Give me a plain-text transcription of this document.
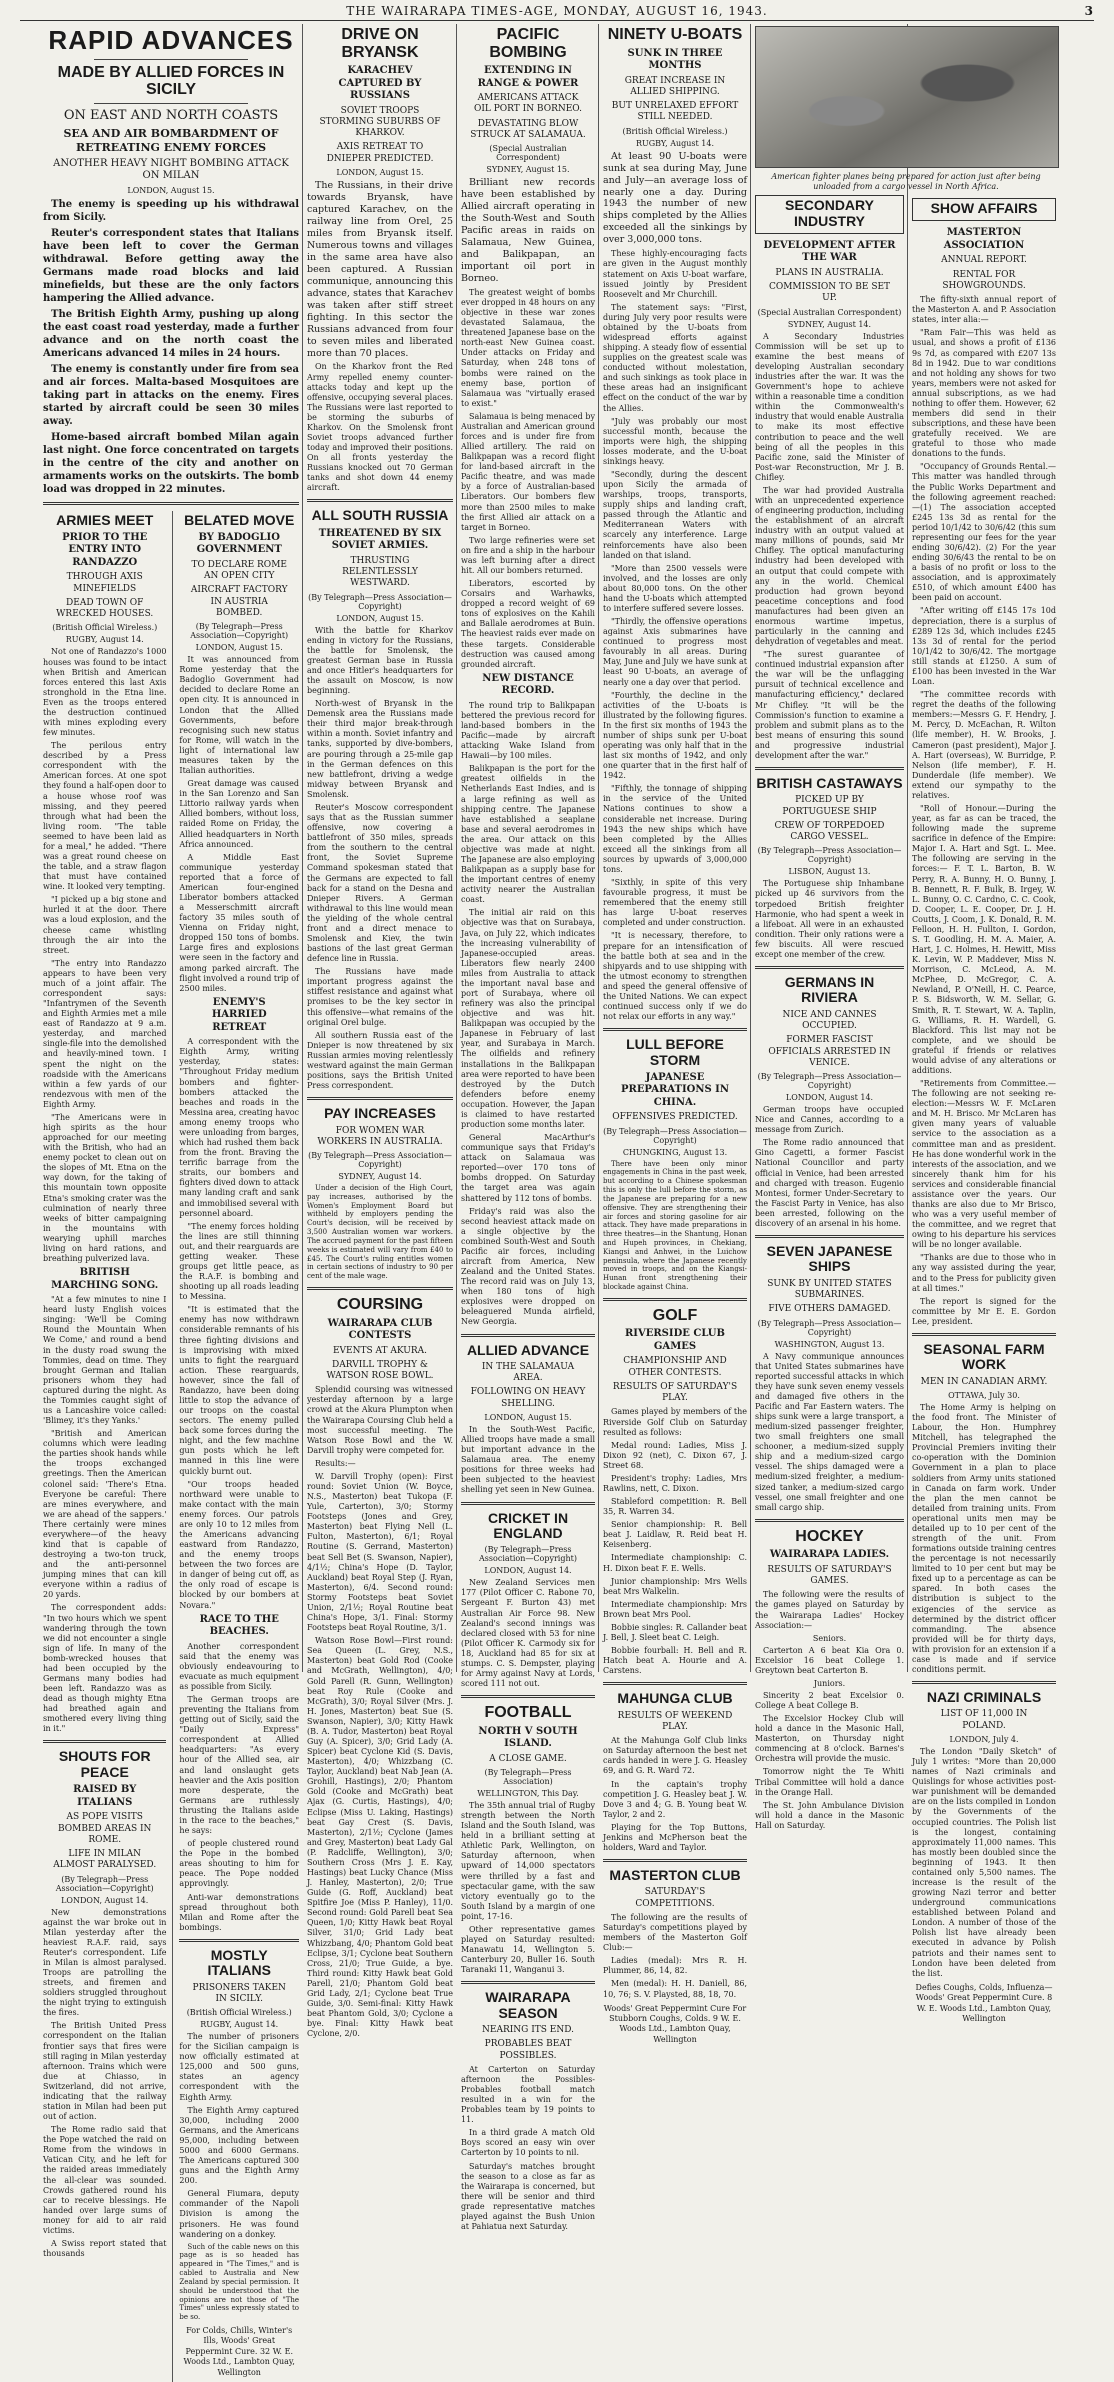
THE WAIRARAPA TIMES-AGE, MONDAY, AUGUST 16, 1943.	3
RAPID ADVANCES
MADE BY ALLIED FORCES IN SICILY
ON EAST AND NORTH COASTS
SEA AND AIR BOMBARDMENT OF RETREATING ENEMY FORCES
ANOTHER HEAVY NIGHT BOMBING ATTACK ON MILAN
LONDON, August 15.

The enemy is speeding up his withdrawal from Sicily.

Reuter's correspondent states that Italians have been left to cover the German withdrawal. Before getting away the Germans made road blocks and laid minefields, but these are the only factors hampering the Allied advance.

The British Eighth Army, pushing up along the east coast road yesterday, made a further advance and on the north coast the Americans advanced 14 miles in 24 hours.

The enemy is constantly under fire from sea and air forces. Malta-based Mosquitoes are taking part in attacks on the enemy. Fires started by aircraft could be seen 30 miles away.

Home-based aircraft bombed Milan again last night. One force concentrated on targets in the centre of the city and another on armaments works on the outskirts. The bomb load was dropped in 22 minutes.

ARMIES MEET
PRIOR TO THE ENTRY INTO RANDAZZO
THROUGH AXIS MINEFIELDS
DEAD TOWN OF WRECKED HOUSES.
(British Official Wireless.)
RUGBY, August 14.

Not one of Randazzo's 1000 houses was found to be intact when British and American forces entered this last Axis stronghold in the Etna line. Even as the troops entered the destruction continued with mines exploding every few minutes.

The perilous entry described by a Press correspondent with the American forces. At one spot they found a half-open door to a house whose roof was missing, and they peered through what had been the living room. "The table seemed to have been laid as for a meal," he added. "There was a great round cheese on the table, and a straw flagon that must have contained wine. It looked very tempting.

"I picked up a big stone and hurled it at the door. There was a loud explosion, and the cheese came whistling through the air into the street.

"The entry into Randazzo appears to have been very much of a joint affair. The correspondent says: "Infantrymen of the Seventh and Eighth Armies met a mile east of Randazzo at 9 a.m. yesterday, and marched single-file into the demolished and heavily-mined town. I spent the night on the roadside with the Americans within a few yards of our rendezvous with men of the Eighth Army.

"The Americans were in high spirits as the hour approached for our meeting with the British, who had an enemy pocket to clean out on the slopes of Mt. Etna on the way down, for the taking of this mountain town opposite Etna's smoking crater was the culmination of nearly three weeks of bitter campaigning in the mountains with wearying uphill marches living on hard rations, and breathing pulverized lava.

BRITISH MARCHING SONG.

"At a few minutes to nine I heard lusty English voices singing: 'We'll be Coming Round the Mountain When We Come,' and round a bend in the dusty road swung the Tommies, dead on time. They brought German and Italian prisoners whom they had captured during the night. As the Tommies caught sight of us a Lancashire voice called: 'Blimey, it's they Yanks.'

"British and American columns which were leading the parties shook hands while the troops exchanged greetings. Then the American colonel said: 'There's Etna. Everyone be careful: There are mines everywhere, and we are ahead of the sappers.' There certainly were mines everywhere—of the heavy kind that is capable of destroying a two-ton truck, and the anti-personnel jumping mines that can kill everyone within a radius of 20 yards.

The correspondent adds: "In two hours which we spent wandering through the town we did not encounter a single sign of life. In many of the bomb-wrecked houses that had been occupied by the Germans many bodies had been left. Randazzo was as dead as though mighty Etna had breathed again and smothered every living thing in it."

SHOUTS FOR PEACE
RAISED BY ITALIANS
AS POPE VISITS BOMBED AREAS IN ROME.
LIFE IN MILAN ALMOST PARALYSED.
(By Telegraph—Press Association—Copyright)
LONDON, August 14.

New demonstrations against the war broke out in Milan yesterday after the heaviest R.A.F. raid, says Reuter's correspondent. Life in Milan is almost paralysed. Troops are patrolling the streets, and firemen and soldiers struggled throughout the night trying to extinguish the fires.

The British United Press correspondent on the Italian frontier says that fires were still raging in Milan yesterday afternoon. Trains which were due at Chiasso, in Switzerland, did not arrive, indicating that the railway station in Milan had been put out of action.

The Rome radio said that the Pope watched the raid on Rome from the windows in Vatican City, and he left for the raided areas immediately the all-clear was sounded. Crowds gathered round his car to receive blessings. He handed over large sums of money for aid to air raid victims.

A Swiss report stated that thousands

BELATED MOVE
BY BADOGLIO GOVERNMENT
TO DECLARE ROME AN OPEN CITY
AIRCRAFT FACTORY IN AUSTRIA BOMBED.
(By Telegraph—Press Association—Copyright)
LONDON, August 15.

It was announced from Rome yesterday that the Badoglio Government had decided to declare Rome an open city. It is announced in London that the Allied Governments, before recognising such new status for Rome, will watch in the light of international law measures taken by the Italian authorities.

Great damage was caused in the San Lorenzo and San Littorio railway yards when Allied bombers, without loss, raided Rome on Friday, the Allied headquarters in North Africa announced.

A Middle East communique yesterday reported that a force of American four-engined Liberator bombers attacked a Messerschmitt aircraft factory 35 miles south of Vienna on Friday night, dropped 150 tons of bombs. Large fires and explosions were seen in the factory and among parked aircraft. The flight involved a round trip of 2500 miles.

ENEMY'S HARRIED RETREAT

A correspondent with the Eighth Army, writing yesterday, states: "Throughout Friday medium bombers and fighter-bombers attacked the beaches and roads in the Messina area, creating havoc among enemy troops who were unloading from barges, which had rushed them back from the front. Braving the terrific barrage from the straits, our bombers and fighters dived down to attack many landing craft and sank and immobilised several with personnel aboard.

"The enemy forces holding the lines are still thinning out, and their rearguards are getting weaker. These groups get little peace, as the R.A.F. is bombing and shooting up all roads leading to Messina.

"It is estimated that the enemy has now withdrawn considerable remnants of his three fighting divisions and is improvising with mixed units to fight the rearguard action. These rearguards, however, since the fall of Randazzo, have been doing little to stop the advance of our troops on the coastal sectors. The enemy pulled back some forces during the night, and the few machine gun posts which he left manned in this line were quickly burnt out.

"Our troops headed northward were unable to make contact with the main enemy forces. Our patrols are only 10 to 12 miles from the Americans advancing eastward from Randazzo, and the enemy troops between the two forces are in danger of being cut off, as the only road of escape is blocked by our bombers at Novara."

RACE TO THE BEACHES.

Another correspondent said that the enemy was obviously endeavouring to evacuate as much equipment as possible from Sicily.

The German troops are preventing the Italians from getting out of Sicily, said the "Daily Express" correspondent at Allied headquarters: "As every hour of the Allied sea, air and land onslaught gets heavier and the Axis position more desperate, the Germans are ruthlessly thrusting the Italians aside in the race to the beaches," he says:

of people clustered round the Pope in the bombed areas shouting to him for peace. The Pope nodded approvingly.

Anti-war demonstrations spread throughout both Milan and Rome after the bombings.

MOSTLY ITALIANS
PRISONERS TAKEN IN SICILY.
(British Official Wireless.)
RUGBY, August 14.

The number of prisoners for the Sicilian campaign is now officially estimated at 125,000 and 500 guns, states an agency correspondent with the Eighth Army.

The Eighth Army captured 30,000, including 2000 Germans, and the Americans 95,000, including between 5000 and 6000 Germans. The Americans captured 300 guns and the Eighth Army 200.

General Fiumara, deputy commander of the Napoli Division is among the prisoners. He was found wandering on a donkey.

Such of the cable news on this page as is so headed has appeared in "The Times," and is cabled to Australia and New Zealand by special permission. It should be understood that the opinions are not those of "The Times" unless expressly stated to be so.

For Colds, Chills, Winter's Ills, Woods' Great Peppermint Cure. 32 W. E. Woods Ltd., Lambton Quay, Wellington
DRIVE ON BRYANSK
KARACHEV CAPTURED BY RUSSIANS
SOVIET TROOPS STORMING SUBURBS OF KHARKOV.
AXIS RETREAT TO DNIEPER PREDICTED.
LONDON, August 15.

The Russians, in their drive towards Bryansk, have captured Karachev, on the railway line from Orel, 25 miles from Bryansk itself. Numerous towns and villages in the same area have also been captured. A Russian communique, announcing this advance, states that Karachev was taken after stiff street fighting. In this sector the Russians advanced from four to seven miles and liberated more than 70 places.

On the Kharkov front the Red Army repelled enemy counter-attacks today and kept up the offensive, occupying several places. The Russians were last reported to be storming the suburbs of Kharkov. On the Smolensk front Soviet troops advanced further today and improved their positions. On all fronts yesterday the Russians knocked out 70 German tanks and shot down 44 enemy aircraft.

ALL SOUTH RUSSIA
THREATENED BY SIX SOVIET ARMIES.
THRUSTING RELENTLESSLY WESTWARD.
(By Telegraph—Press Association—Copyright)
LONDON, August 15.

With the battle for Kharkov ending in victory for the Russians, the battle for Smolensk, the greatest German base in Russia and once Hitler's headquarters for the assault on Moscow, is now beginning.

North-west of Bryansk in the Demensk area the Russians made their third major break-through within a month. Soviet infantry and tanks, supported by dive-bombers, are pouring through a 25-mile gap in the German defences on this new battlefront, driving a wedge midway between Bryansk and Smolensk.

Reuter's Moscow correspondent says that as the Russian summer offensive, now covering a battlefront of 350 miles, spreads from the southern to the central front, the Soviet Supreme Command spokesman stated that the Germans are expected to fall back for a stand on the Desna and Dnieper Rivers. A German withdrawal to this line would mean the yielding of the whole central front and a direct menace to Smolensk and Kiev, the twin bastions of the last great German defence line in Russia.

The Russians have made important progress against the stiffest resistance and against what promises to be the key sector in this offensive—what remains of the original Orel bulge.

All southern Russia east of the Dnieper is now threatened by six Russian armies moving relentlessly westward against the main German positions, says the British United Press correspondent.

PAY INCREASES
FOR WOMEN WAR WORKERS IN AUSTRALIA.
(By Telegraph—Press Association—Copyright)
SYDNEY, August 14.

Under a decision of the High Court, pay increases, authorised by the Women's Employment Board but withheld by employers pending the Court's decision, will be received by 3,500 Australian women war workers. The accrued payment for the past fifteen weeks is estimated will vary from £40 to £45. The Court's ruling entitles women in certain sections of industry to 90 per cent of the male wage.

COURSING
WAIRARAPA CLUB CONTESTS
EVENTS AT AKURA.
DARVILL TROPHY & WATSON ROSE BOWL.

Splendid coursing was witnessed yesterday afternoon by a large crowd at the Akura Plumpton when the Wairarapa Coursing Club held a most successful meeting. The Watson Rose Bowl and the W. Darvill trophy were competed for.

Results:—

W. Darvill Trophy (open): First round: Soviet Union (W. Boyce, N.S., Masterton) beat Tukopa (F. Yule, Carterton), 3/0; Stormy Footsteps (Jones and Grey, Masterton) beat Flying Nell (L. Fulton, Masterton), 6/1; Royal Routine (S. Gerrand, Masterton) beat Sell Bet (S. Swanson, Napier), 4/1½; China's Hope (D. Taylor, Auckland) beat Royal Step (J. Ryan, Masterton), 6/4. Second round: Stormy Footsteps beat Soviet Union, 2/1½; Royal Routine beat China's Hope, 3/1. Final: Stormy Footsteps beat Royal Routine, 3/1.

Watson Rose Bowl—First round: Sea Queen (L. Grey, N.S., Masterton) beat Gold Rod (Cooke and McGrath, Wellington), 4/0; Gold Parell (R. Gunn, Wellington) beat Roy Rule (Cooke and McGrath), 3/0; Royal Silver (Mrs. J. H. Jones, Masterton) beat Sue (S. Swanson, Napier), 3/0; Kitty Hawk (B. A. Tudor, Masterton) beat Royal Guy (A. Spicer), 3/0; Grid Lady (A. Spicer) beat Cyclone Kid (S. Davis, Masterton), 4/0; Whizzbang (C. Taylor, Auckland) beat Nab Jean (A. Grohill, Hastings), 2/0; Phantom Gold (Cooke and McGrath) beat Ajax (G. Curtis, Hastings), 4/0; Eclipse (Miss U. Laking, Hastings) beat Gay Crest (S. Davis, Masterton), 2/1½; Cyclone (James and Grey, Masterton) beat Lady Gal (P. Radcliffe, Wellington), 3/0; Southern Cross (Mrs J. E. Kay, Hastings) beat Lucky Chance (Miss J. Hanley, Masterton), 2/0; True Guide (G. Roff, Auckland) beat Spitfire Joe (Miss P. Hanley), 11/0. Second round: Gold Parell beat Sea Queen, 1/0; Kitty Hawk beat Royal Silver, 31/0; Grid Lady beat Whizzbang, 4/0; Phantom Gold beat Eclipse, 3/1; Cyclone beat Southern Cross, 21/0; True Guide, a bye. Third round: Kitty Hawk beat Gold Parell, 21/0; Phantom Gold beat Grid Lady, 2/1; Cyclone beat True Guide, 3/0. Semi-final: Kitty Hawk beat Phantom Gold, 3/0; Cyclone a bye. Final: Kitty Hawk beat Cyclone, 2/0.

PACIFIC BOMBING
EXTENDING IN RANGE & POWER
AMERICANS ATTACK OIL PORT IN BORNEO.
DEVASTATING BLOW STRUCK AT SALAMAUA.
(Special Australian Correspondent)
SYDNEY, August 15.

Brilliant new records have been established by Allied aircraft operating in the South-West and South Pacific areas in raids on Salamaua, New Guinea, and Balikpapan, an important oil port in Borneo.

The greatest weight of bombs ever dropped in 48 hours on any objective in these war zones devastated Salamaua, the threatened Japanese base on the north-east New Guinea coast. Under attacks on Friday and Saturday, when 248 tons of bombs were rained on the enemy base, portion of Salamaua was "virtually erased to exist."

Salamaua is being menaced by Australian and American ground forces and is under fire from Allied artillery. The raid on Balikpapan was a record flight for land-based aircraft in the Pacific theatre, and was made by a force of Australian-based Liberators. Our bombers flew more than 2500 miles to make the first Allied air attack on a target in Borneo.

Two large refineries were set on fire and a ship in the harbour was left burning after a direct hit. All our bombers returned.

Liberators, escorted by Corsairs and Warhawks, dropped a record weight of 69 tons of explosives on the Kahili and Ballale aerodromes at Buin. The heaviest raids ever made on these targets. Considerable destruction was caused among grounded aircraft.

NEW DISTANCE RECORD.

The round trip to Balikpapan bettered the previous record for land-based bombers in the Pacific—made by aircraft attacking Wake Island from Hawaii—by 100 miles.

Balikpapan is the port for the greatest oilfields in the Netherlands East Indies, and is a large refining as well as shipping centre. The Japanese have established a seaplane base and several aerodromes in the area. Our attack on this objective was made at night. The Japanese are also employing Balikpapan as a supply base for the important centres of enemy activity nearer the Australian coast.

The initial air raid on this objective was that on Surabaya, Java, on July 22, which indicates the increasing vulnerability of Japanese-occupied areas. Liberators flew nearly 2400 miles from Australia to attack the important naval base and port of Surabaya, where oil refinery was also the principal objective and was hit. Balikpapan was occupied by the Japanese in February of last year, and Surabaya in March. The oilfields and refinery installations in the Balikpapan area were reported to have been destroyed by the Dutch defenders before enemy occupation. However, the Japan is claimed to have restarted production some months later.

General MacArthur's communique says that Friday's attack on Salamaua was reported—over 170 tons of bombs dropped. On Saturday the target area was again shattered by 112 tons of bombs.

Friday's raid was also the second heaviest attack made on a single objective by the combined South-West and South Pacific air forces, including aircraft from America, New Zealand and the United States. The record raid was on July 13, when 180 tons of high explosives were dropped on beleaguered Munda airfield, New Georgia.

ALLIED ADVANCE
IN THE SALAMAUA AREA.
FOLLOWING ON HEAVY SHELLING.
LONDON, August 15.

In the South-West Pacific, Allied troops have made a small but important advance in the Salamaua area. The enemy positions for three weeks had been subjected to the heaviest shelling yet seen in New Guinea.

CRICKET IN ENGLAND
(By Telegraph—Press Association—Copyright)
LONDON, August 14.

New Zealand Services men 177 (Pilot Officer C. Rabone 70, Sergeant F. Burton 43) met Australian Air Force 98. New Zealand's second innings was declared closed with 53 for nine (Pilot Officer K. Carmody six for 18, Auckland had 85 for six at stumps. C. S. Dempster, playing for Army against Navy at Lords, scored 111 not out.

FOOTBALL
NORTH V SOUTH ISLAND.
A CLOSE GAME.
(By Telegraph—Press Association)
WELLINGTON, This Day.

The 35th annual trial of Rugby strength between the North Island and the South Island, was held in a brilliant setting at Athletic Park, Wellington, on Saturday afternoon, when upward of 14,000 spectators were thrilled by a fast and spectacular game, with the saw victory eventually go to the South Island by a margin of one point, 17-16.

Other representative games played on Saturday resulted: Manawatu 14, Wellington 5. Canterbury 20, Buller 16. South Taranaki 11, Wanganui 3.

WAIRARAPA SEASON
NEARING ITS END.
PROBABLES BEAT POSSIBLES.

At Carterton on Saturday afternoon the Possibles-Probables football match resulted in a win for the Probables team by 19 points to 11.

In a third grade A match Old Boys scored an easy win over Carterton by 10 points to nil.

Saturday's matches brought the season to a close as far as the Wairarapa is concerned, but there will be senior and third grade representative matches played against the Bush Union at Pahiatua next Saturday.

NINETY U-BOATS
SUNK IN THREE MONTHS
GREAT INCREASE IN ALLIED SHIPPING.
BUT UNRELAXED EFFORT STILL NEEDED.
(British Official Wireless.)
RUGBY, August 14.

At least 90 U-boats were sunk at sea during May, June and July—an average loss of nearly one a day. During 1943 the number of new ships completed by the Allies exceeded all the sinkings by over 3,000,000 tons.

These highly-encouraging facts are given in the August monthly statement on Axis U-boat warfare, issued jointly by President Roosevelt and Mr Churchill.

The statement says: "First, during July very poor results were obtained by the U-boats from widespread efforts against shipping. A steady flow of essential supplies on the greatest scale was conducted without molestation, and such sinkings as took place in these areas had an insignificant effect on the conduct of the war by the Allies.

"July was probably our most successful month, because the imports were high, the shipping losses moderate, and the U-boat sinkings heavy.

"Secondly, during the descent upon Sicily the armada of warships, troops, transports, supply ships and landing craft, passed through the Atlantic and Mediterranean Waters with scarcely any interference. Large reinforcements have also been landed on that island.

"More than 2500 vessels were involved, and the losses are only about 80,000 tons. On the other hand the U-boats which attempted to interfere suffered severe losses.

"Thirdly, the offensive operations against Axis submarines have continued to progress most favourably in all areas. During May, June and July we have sunk at least 90 U-boats, an average of nearly one a day over that period.

"Fourthly, the decline in the activities of the U-boats is illustrated by the following figures. In the first six months of 1943 the number of ships sunk per U-boat operating was only half that in the last six months of 1942, and only one quarter that in the first half of 1942.

"Fifthly, the tonnage of shipping in the service of the United Nations continues to show a considerable net increase. During 1943 the new ships which have been completed by the Allies exceed all the sinkings from all sources by upwards of 3,000,000 tons.

"Sixthly, in spite of this very favourable progress, it must be remembered that the enemy still has large U-boat reserves completed and under construction.

"It is necessary, therefore, to prepare for an intensification of the battle both at sea and in the shipyards and to use shipping with the utmost economy to strengthen and speed the general offensive of the United Nations. We can expect continued success only if we do not relax our efforts in any way."

LULL BEFORE STORM
JAPANESE PREPARATIONS IN CHINA.
OFFENSIVES PREDICTED.
(By Telegraph—Press Association—Copyright)
CHUNGKING, August 13.

There have been only minor engagements in China in the past week, but according to a Chinese spokesman this is only the lull before the storm, as the Japanese are preparing for a new offensive. They are strengthening their air forces and storing gasoline for air attack. They have made preparations in three theatres—in the Shantung, Honan and Hupeh provinces, in Chekiang, Kiangsi and Anhwei, in the Luichow peninsula, where the Japanese recently moved in troops, and on the Kiangsi-Hunan front strengthening their blockade against China.

GOLF
RIVERSIDE CLUB GAMES
CHAMPIONSHIP AND OTHER CONTESTS.
RESULTS OF SATURDAY'S PLAY.

Games played by members of the Riverside Golf Club on Saturday resulted as follows:

Medal round: Ladies, Miss J. Dixon 92 (net), C. Dixon 67, J. Street 68.

President's trophy: Ladies, Mrs Rawlins, nett, C. Dixon.

Stableford competition: R. Bell 35, R. Warren 34.

Senior championship: R. Bell beat J. Laidlaw, R. Reid beat H. Keisenberg.

Intermediate championship: C. H. Dixon beat F. E. Wells.

Junior championship: Mrs Wells beat Mrs Walkelin.

Intermediate championship: Mrs Brown beat Mrs Pool.

Bobbie singles: R. Callander beat J. Bell, J. Sleet beat C. Leigh.

Bobbie fourball: H. Bell and R. Hatch beat A. Hourie and A. Carstens.

MAHUNGA CLUB
RESULTS OF WEEKEND PLAY.

At the Mahunga Golf Club links on Saturday afternoon the best net cards handed in were J. G. Heasley 69, and G. R. Ward 72.

In the captain's trophy competition J. G. Heasley beat J. W. Dove 3 and 4; G. B. Young beat W. Taylor, 2 and 2.

Playing for the Top Buttons, Jenkins and McPherson beat the holders, Ward and Taylor.

MASTERTON CLUB
SATURDAY'S COMPETITIONS.

The following are the results of Saturday's competitions played by members of the Masterton Golf Club:—

Ladies (medal): Mrs R. H. Plummer, 86, 14, 82.

Men (medal): H. H. Daniell, 86, 10, 76; S. V. Playsted, 88, 18, 70.

Woods' Great Peppermint Cure For Stubborn Coughs, Colds. 9 W. E. Woods Ltd., Lambton Quay, Wellington
American fighter planes being prepared for action just after being unloaded from a cargo vessel in North Africa.
SECONDARY INDUSTRY
DEVELOPMENT AFTER THE WAR
PLANS IN AUSTRALIA.
COMMISSION TO BE SET UP.
(Special Australian Correspondent)
SYDNEY, August 14.

A Secondary Industries Commission will be set up to examine the best means of developing Australian secondary industries after the war. It was the Government's hope to achieve within a reasonable time a condition within the Commonwealth's industry that would enable Australia to make its most effective contribution to peace and the well being of all the peoples in this Pacific zone, said the Minister of Post-war Reconstruction, Mr J. B. Chifley.

The war had provided Australia with an unprecedented experience of engineering production, including the establishment of an aircraft industry with an output valued at many millions of pounds, said Mr Chifley. The optical manufacturing industry had been developed with an output that could compete with any in the world. Chemical production had grown beyond peacetime conceptions and food manufactures had been given an enormous wartime impetus, particularly in the canning and dehydration of vegetables and meat.

"The surest guarantee of continued industrial expansion after the war will be the unflagging pursuit of technical excellence and manufacturing efficiency," declared Mr Chifley. "It will be the Commission's function to examine a problem and submit plans as to the best means of ensuring this sound and progressive industrial development after the war."

BRITISH CASTAWAYS
PICKED UP BY PORTUGUESE SHIP
CREW OF TORPEDOED CARGO VESSEL.
(By Telegraph—Press Association—Copyright)
LISBON, August 13.

The Portuguese ship Inhambane picked up 46 survivors from the torpedoed British freighter Harmonie, who had spent a week in a lifeboat. All were in an exhausted condition. Their only rations were a few biscuits. All were rescued except one member of the crew.

GERMANS IN RIVIERA
NICE AND CANNES OCCUPIED.
FORMER FASCIST OFFICIALS ARRESTED IN VENICE.
(By Telegraph—Press Association—Copyright)
LONDON, August 14.

German troops have occupied Nice and Cannes, according to a message from Zurich.

The Rome radio announced that Gino Cagetti, a former Fascist National Councillor and party official in Venice, had been arrested and charged with treason. Eugenio Montesi, former Under-Secretary to the Fascist Party in Venice, has also been arrested, following on the discovery of an arsenal in his home.

SEVEN JAPANESE SHIPS
SUNK BY UNITED STATES SUBMARINES.
FIVE OTHERS DAMAGED.
(By Telegraph—Press Association—Copyright)
WASHINGTON, August 13.

A Navy communique announces that United States submarines have reported successful attacks in which they have sunk seven enemy vessels and damaged five others in the Pacific and Far Eastern waters. The ships sunk were a large transport, a medium-sized passenger freighter, two small freighters one small schooner, a medium-sized supply ship and a medium-sized cargo vessel. The ships damaged were a medium-sized freighter, a medium-sized tanker, a medium-sized cargo vessel, one small freighter and one small cargo ship.

HOCKEY
WAIRARAPA LADIES.
RESULTS OF SATURDAY'S GAMES.

The following were the results of the games played on Saturday by the Wairarapa Ladies' Hockey Association:—

Seniors.

Carterton A 6 beat Kia Ora 0. Excelsior 16 beat College 1. Greytown beat Carterton B.

Juniors.

Sincerity 2 beat Excelsior 0. College A beat College B.

The Excelsior Hockey Club will hold a dance in the Masonic Hall, Masterton, on Thursday night commencing at 8 o'clock. Barnes's Orchestra will provide the music.

Tomorrow night the Te Whiti Tribal Committee will hold a dance in the Orange Hall.

The St. John Ambulance Division will hold a dance in the Masonic Hall on Saturday.

SHOW AFFAIRS
MASTERTON ASSOCIATION
ANNUAL REPORT.
RENTAL FOR SHOWGROUNDS.

The fifty-sixth annual report of the Masterton A. and P. Association states, inter alia:—

"Ram Fair—This was held as usual, and shows a profit of £136 9s 7d, as compared with £207 13s 8d in 1942. Due to war conditions and not holding any shows for two years, members were not asked for annual subscriptions, as we had nothing to offer them. However, 62 members did send in their subscriptions, and these have been gratefully received. We are grateful to those who made donations to the funds.

"Occupancy of Grounds Rental.—This matter was handled through the Public Works Department and the following agreement reached:—(1) The association accepted £245 13s 3d as rental for the period 10/1/42 to 30/6/42 (this sum representing our fees for the year ending 30/6/42). (2) For the year ending 30/6/43 the rental to be on a basis of no profit or loss to the association, and is approximately £510, of which amount £400 has been paid on account.

"After writing off £145 17s 10d depreciation, there is a surplus of £289 12s 3d, which includes £245 13s 3d of rental for the period 10/1/42 to 30/6/42. The mortgage still stands at £1250. A sum of £100 has been invested in the War Loan.

"The committee records with regret the deaths of the following members:—Messrs G. F. Hendry, J. M. Percy, D. McEachan, R. Wilton (life member), H. W. Brooks, J. Cameron (past president), Major J. A. Hart (overseas), W. Burridge, P. Nelson (life member), F. H. Dunderdale (life member). We extend our sympathy to the relatives.

"Roll of Honour.—During the year, as far as can be traced, the following made the supreme sacrifice in defence of the Empire: Major I. A. Hart and Sgt. L. Mee. The following are serving in the forces:— F. T. L. Barton, B. W. Perry, R. A. Bunny, H. O. Bunny, J. B. Bennett, R. F. Bulk, B. Irgey, W. L. Bunny, O. C. Cardno, C. C. Cook, D. Cooper, L. E. Cooper, Dr. J. H. Coutts, J. Coom, J. K. Donald, R. M. Felloon, H. H. Fullton, I. Gordon, S. T. Goodling, H. M. A. Maier, A. Hart, J. C. Holmes, H. Hewitt, Miss K. Levin, W. P. Maddever, Miss N. Morrison, C. McLeod, A. M. McPhee, D. McGregor, C. A. Newland, P. O'Neill, H. C. Pearce, P. S. Bidsworth, W. M. Sellar, G. Smith, R. T. Stewart, W. A. Taplin, G. Williams, R. H. Wardell, G. Blackford. This list may not be complete, and we should be grateful if friends or relatives would advise of any alterations or additions.

"Retirements from Committee.—The following are not seeking re-election:—Messrs W. F. McLaren and M. H. Brisco. Mr McLaren has given many years of valuable service to the association as a committee man and as president. He has done wonderful work in the interests of the association, and we sincerely thank him for his services and considerable financial assistance over the years. Our thanks are also due to Mr Brisco, who was a very useful member of the committee, and we regret that owing to his departure his services will be no longer available.

"Thanks are due to those who in any way assisted during the year, and to the Press for publicity given at all times."

The report is signed for the committee by Mr E. E. Gordon Lee, president.

SEASONAL FARM WORK
MEN IN CANADIAN ARMY.
OTTAWA, July 30.

The Home Army is helping on the food front. The Minister of Labour, the Hon. Humphrey Mitchell, has telegraphed the Provincial Premiers inviting their co-operation with the Dominion Government in a plan to place soldiers from Army units stationed in Canada on farm work. Under the plan the men cannot be detailed from training units. From operational units men may be detailed up to 10 per cent of the strength of the unit. From formations outside training centres the percentage is not necessarily limited to 10 per cent but may be fixed up to a percentage as can be spared. In both cases the distribution is subject to the exigencies of the service as determined by the district officer commanding. The absence provided will be for thirty days, with provision for an extension if a case is made and if service conditions permit.

NAZI CRIMINALS
LIST OF 11,000 IN POLAND.
LONDON, July 4.

The London "Daily Sketch" of July 1 writes: "More than 20,000 names of Nazi criminals and Quislings for whose activities post-war punishment will be demanded are on the lists compiled in London by the Governments of the occupied countries. The Polish list is the longest, containing approximately 11,000 names. This has mostly been doubled since the beginning of 1943. It then contained only 5,500 names. The increase is the result of the growing Nazi terror and better underground communications established between Poland and London. A number of those of the Polish list have already been executed in advance by Polish patriots and their names sent to London have been deleted from the list.

Defies Coughs, Colds, Influenza— Woods' Great Peppermint Cure. 8 W. E. Woods Ltd., Lambton Quay, Wellington
